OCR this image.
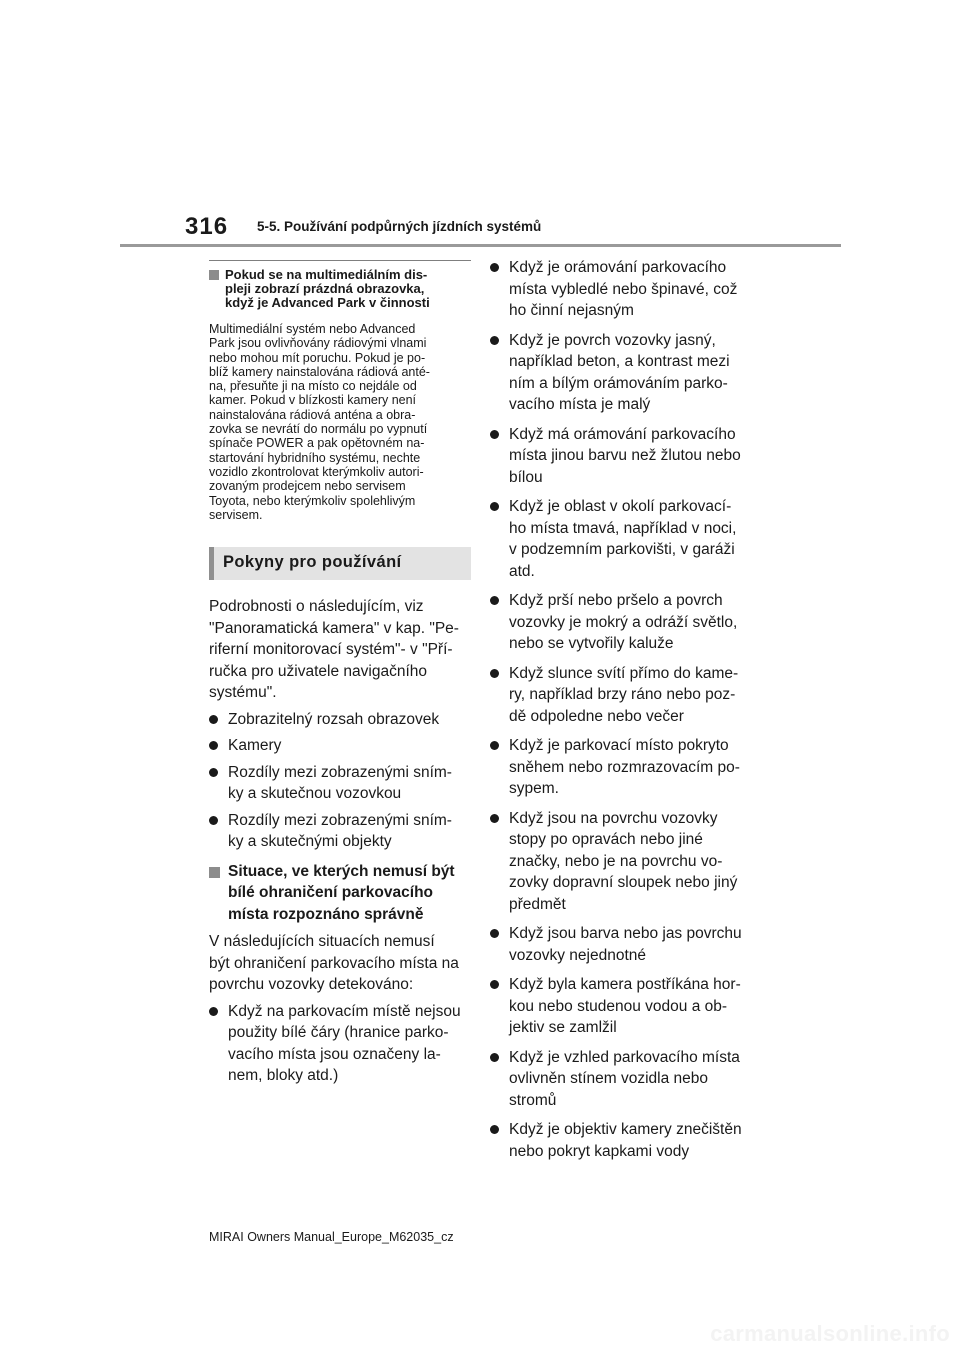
316 5-5. Používání podpůrných jízdních systémů
Pokud se na multimediálním dis-
pleji zobrazí prázdná obrazovka,
když je Advanced Park v činnosti
Multimediální systém nebo Advanced
Park jsou ovlivňovány rádiovými vlnami
nebo mohou mít poruchu. Pokud je po-
blíž kamery nainstalována rádiová anté-
na, přesuňte ji na místo co nejdále od
kamer. Pokud v blízkosti kamery není
nainstalována rádiová anténa a obra-
zovka se nevrátí do normálu po vypnutí
spínače POWER a pak opětovném na-
startování hybridního systému, nechte
vozidlo zkontrolovat kterýmkoliv autori-
zovaným prodejcem nebo servisem
Toyota, nebo kterýmkoliv spolehlivým
servisem.
Pokyny pro používání
Podrobnosti o následujícím, viz
"Panoramatická kamera" v kap. "Pe-
riferní monitorovací systém"- v "Pří-
ručka pro uživatele navigačního
systému".
Zobrazitelný rozsah obrazovek
Kamery
Rozdíly mezi zobrazenými sním-
ky a skutečnou vozovkou
Rozdíly mezi zobrazenými sním-
ky a skutečnými objekty
Situace, ve kterých nemusí být
bílé ohraničení parkovacího
místa rozpoznáno správně
V následujících situacích nemusí
být ohraničení parkovacího místa na
povrchu vozovky detekováno:
Když na parkovacím místě nejsou
použity bílé čáry (hranice parko-
vacího místa jsou označeny la-
nem, bloky atd.)
Když je orámování parkovacího
místa vybledlé nebo špinavé, což
ho činní nejasným
Když je povrch vozovky jasný,
například beton, a kontrast mezi
ním a bílým orámováním parko-
vacího místa je malý
Když má orámování parkovacího
místa jinou barvu než žlutou nebo
bílou
Když je oblast v okolí parkovací-
ho místa tmavá, například v noci,
v podzemním parkovišti, v garáži
atd.
Když prší nebo pršelo a povrch
vozovky je mokrý a odráží světlo,
nebo se vytvořily kaluže
Když slunce svítí přímo do kame-
ry, například brzy ráno nebo poz-
dě odpoledne nebo večer
Když je parkovací místo pokryto
sněhem nebo rozmrazovacím po-
sypem.
Když jsou na povrchu vozovky
stopy po opravách nebo jiné
značky, nebo je na povrchu vo-
zovky dopravní sloupek nebo jiný
předmět
Když jsou barva nebo jas povrchu
vozovky nejednotné
Když byla kamera postříkána hor-
kou nebo studenou vodou a ob-
jektiv se zamlžil
Když je vzhled parkovacího místa
ovlivněn stínem vozidla nebo
stromů
Když je objektiv kamery znečištěn
nebo pokryt kapkami vody
MIRAI Owners Manual_Europe_M62035_cz
carmanualsonline.info
